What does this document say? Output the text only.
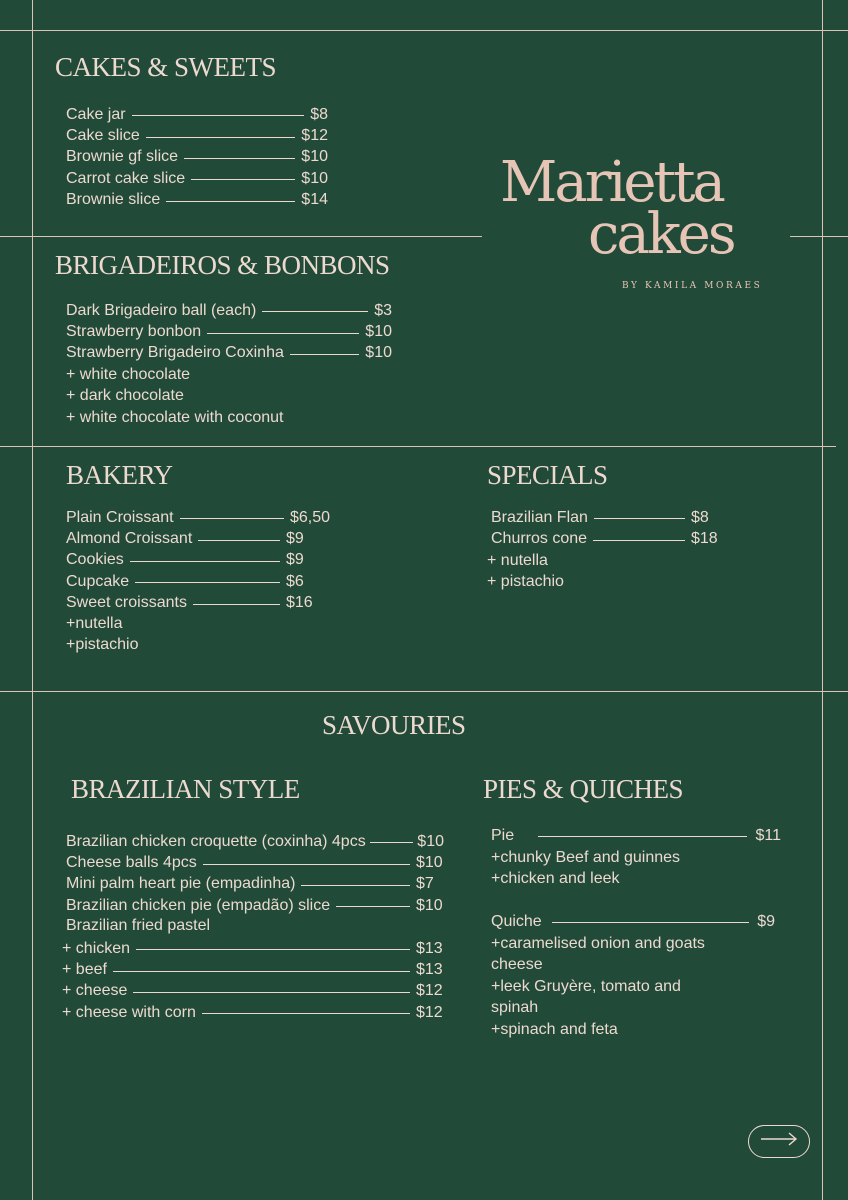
Marietta
cakes
BY KAMILA MORAES
CAKES & SWEETS
Cake jar	$8
Cake slice	$12
Brownie gf slice	$10
Carrot cake slice	$10
Brownie slice	$14
BRIGADEIROS & BONBONS
Dark Brigadeiro ball (each)	$3
Strawberry bonbon	$10
Strawberry Brigadeiro Coxinha	$10
+ white chocolate
+ dark chocolate
+ white chocolate with coconut
BAKERY
Plain Croissant	$6,50
Almond Croissant	$9
Cookies	$9
Cupcake	$6
Sweet croissants	$16
+nutella
+pistachio
SPECIALS
Brazilian Flan	$8
Churros cone	$18
+ nutella
+ pistachio
SAVOURIES
BRAZILIAN STYLE
Brazilian chicken croquette (coxinha) 4pcs	$10
Cheese balls 4pcs	$10
Mini palm heart pie (empadinha)	$7
Brazilian chicken pie (empadão) slice	$10
Brazilian fried pastel
+ chicken	$13
+ beef	$13
+ cheese	$12
+ cheese with corn	$12
PIES & QUICHES
Pie	$11
+chunky Beef and guinnes
+chicken and leek
Quiche	$9
+caramelised onion and goats
cheese
+leek Gruyère, tomato and
spinah
+spinach and feta
